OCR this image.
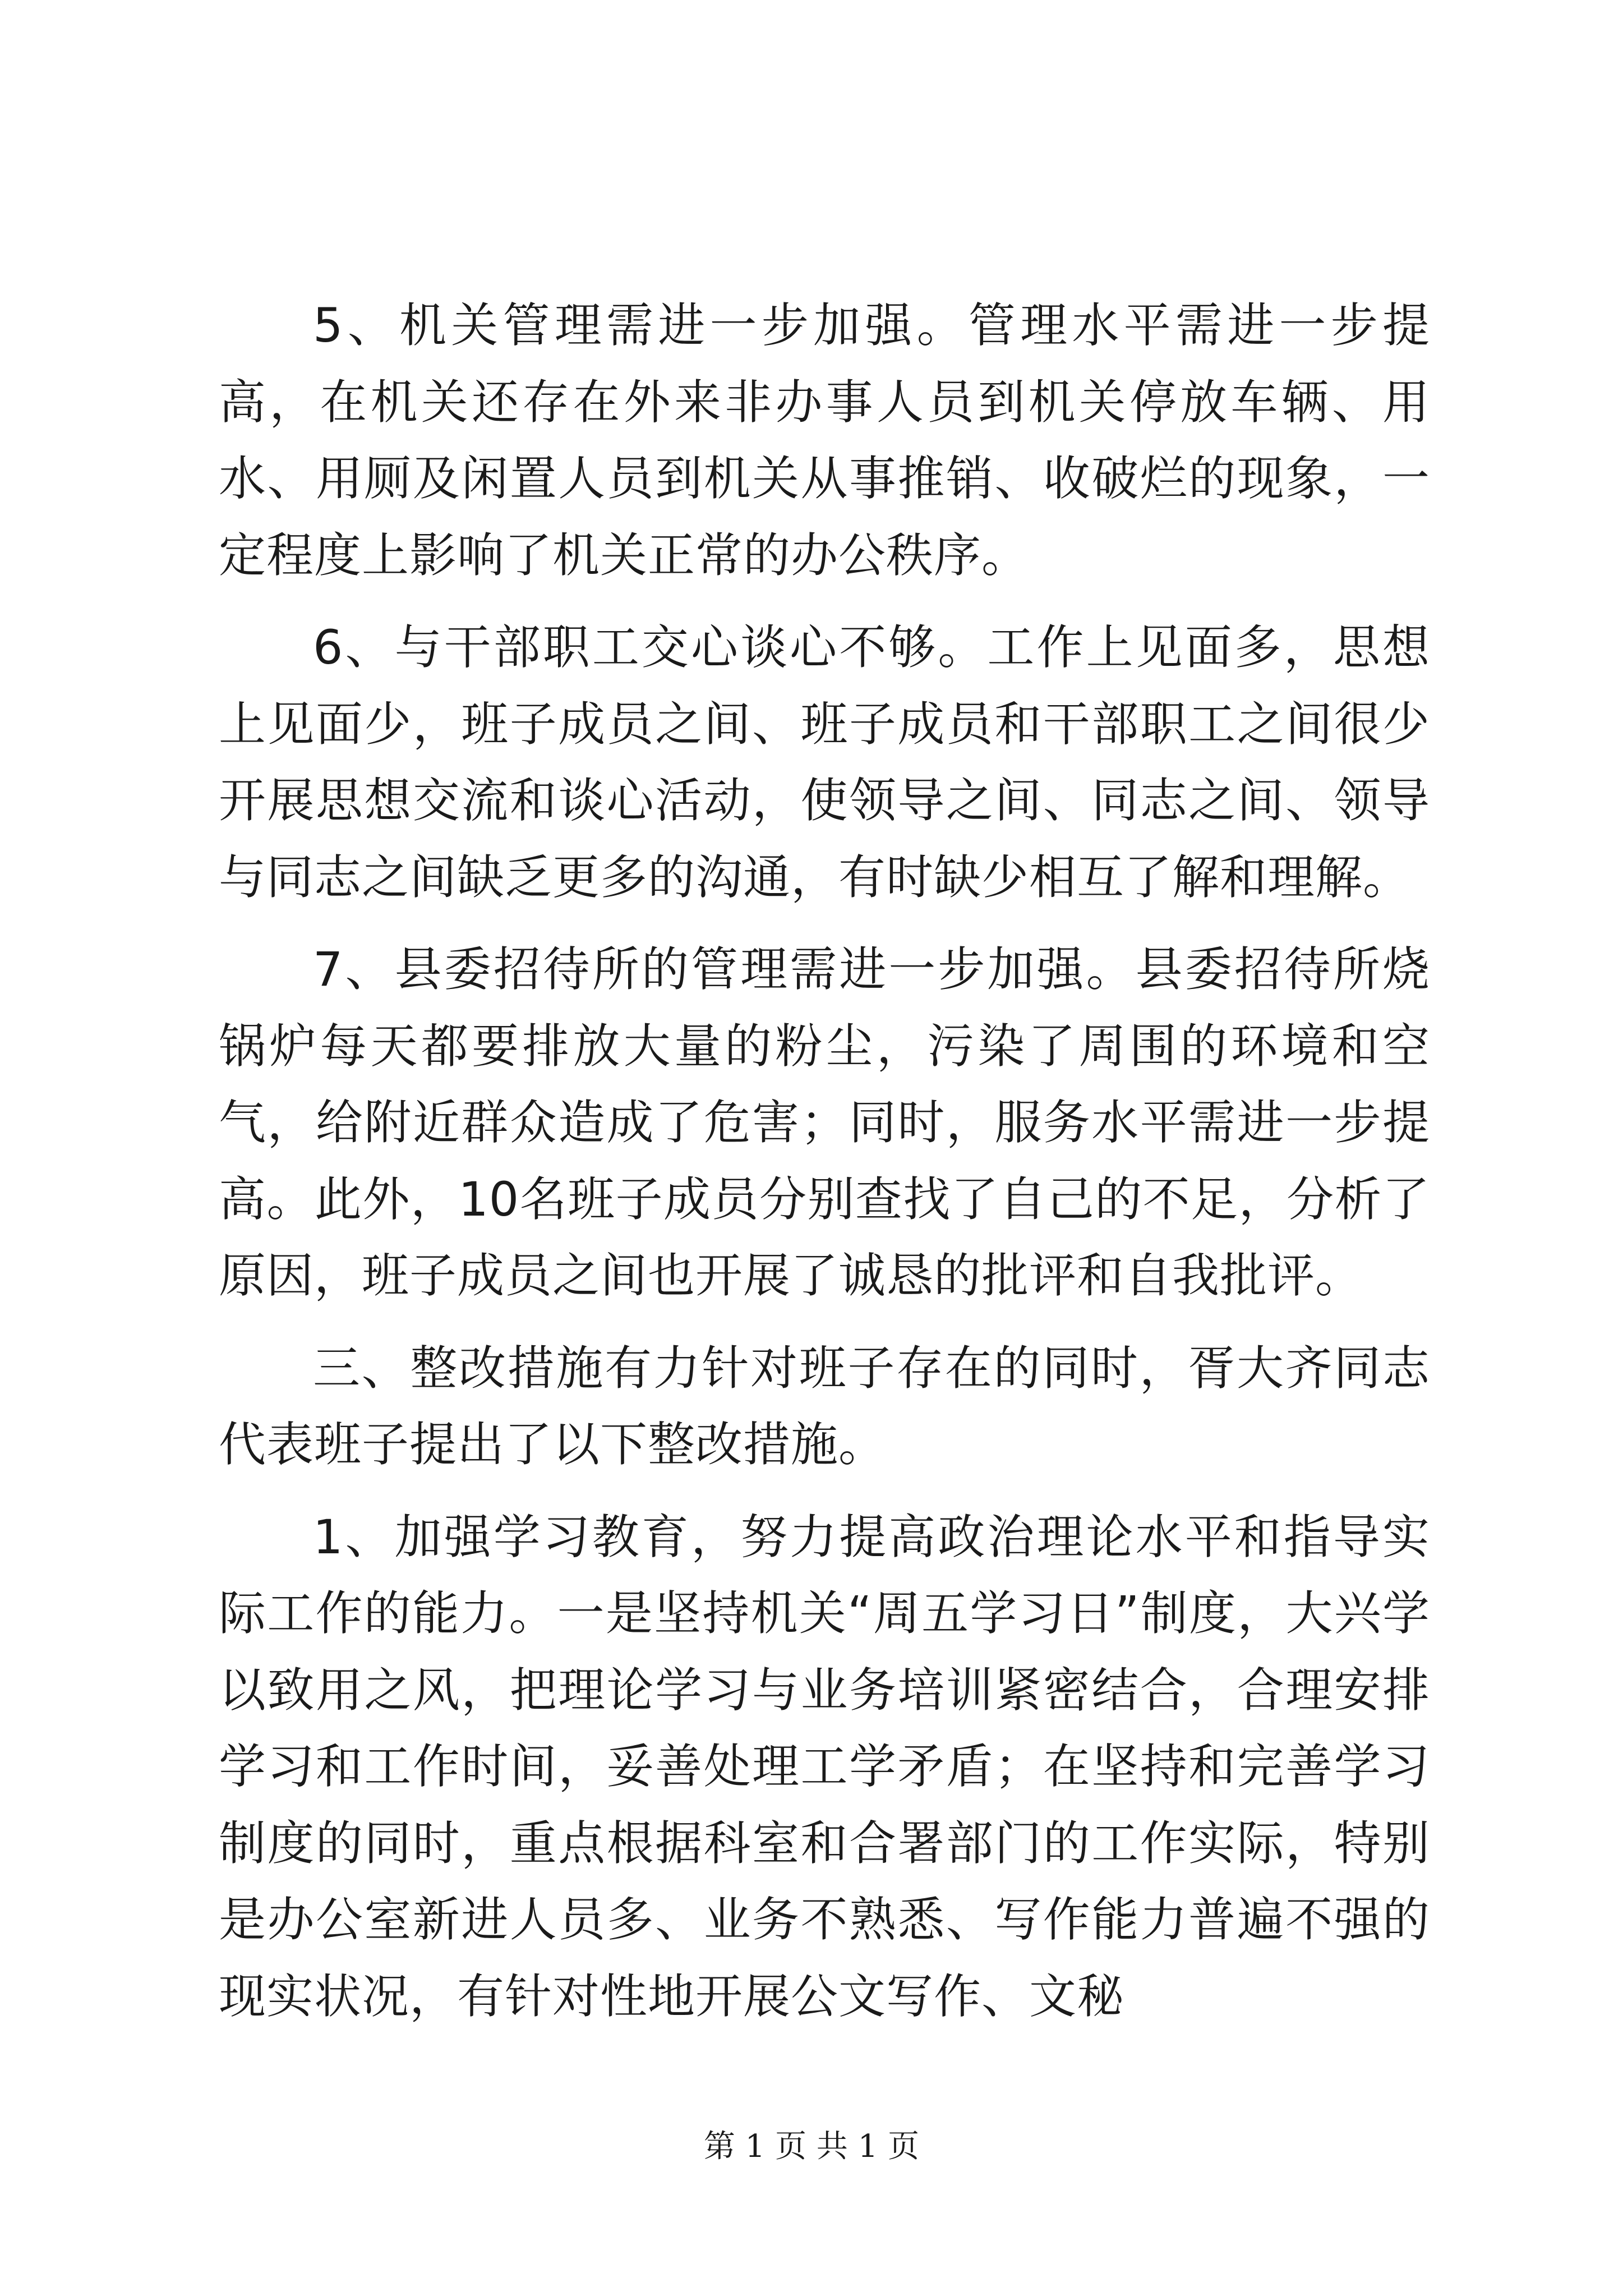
5、机关管理需进一步加强。管理水平需进一步提高，在机关还存在外来非办事人员到机关停放车辆、用水、用厕及闲置人员到机关从事推销、收破烂的现象，一定程度上影响了机关正常的办公秩序。

6、与干部职工交心谈心不够。工作上见面多，思想上见面少，班子成员之间、班子成员和干部职工之间很少开展思想交流和谈心活动，使领导之间、同志之间、领导与同志之间缺乏更多的沟通，有时缺少相互了解和理解。

7、县委招待所的管理需进一步加强。县委招待所烧锅炉每天都要排放大量的粉尘，污染了周围的环境和空气，给附近群众造成了危害；同时，服务水平需进一步提高。此外，10名班子成员分别查找了自己的不足，分析了原因，班子成员之间也开展了诚恳的批评和自我批评。

三、整改措施有力针对班子存在的同时，胥大齐同志代表班子提出了以下整改措施。

1、加强学习教育，努力提高政治理论水平和指导实际工作的能力。一是坚持机关“周五学习日”制度，大兴学以致用之风，把理论学习与业务培训紧密结合，合理安排学习和工作时间，妥善处理工学矛盾；在坚持和完善学习制度的同时，重点根据科室和合署部门的工作实际，特别是办公室新进人员多、业务不熟悉、写作能力普遍不强的现实状况，有针对性地开展公文写作、文秘

第 1 页 共 1 页
